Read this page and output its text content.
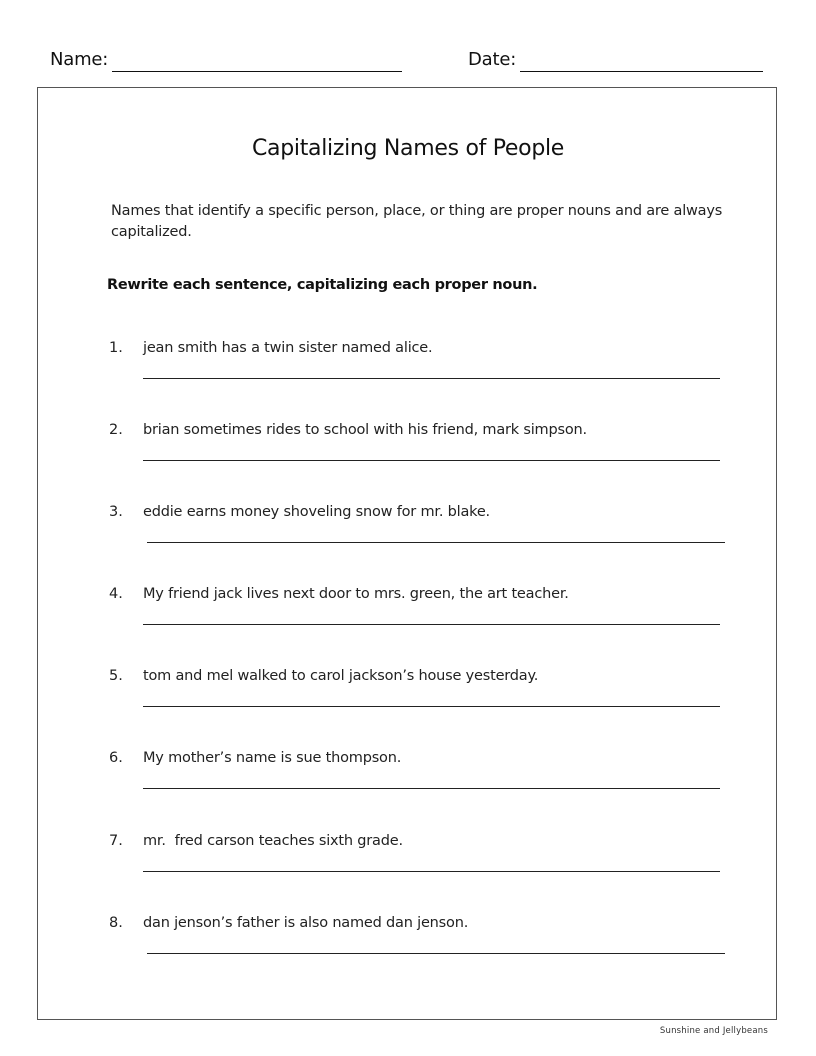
Name:	Date:
Capitalizing Names of People
Names that identify a specific person, place, or thing are proper nouns and are always capitalized.
Rewrite each sentence, capitalizing each proper noun.
1. jean smith has a twin sister named alice.
2. brian sometimes rides to school with his friend, mark simpson.
3. eddie earns money shoveling snow for mr. blake.
4. My friend jack lives next door to mrs. green, the art teacher.
5. tom and mel walked to carol jackson’s house yesterday.
6. My mother’s name is sue thompson.
7. mr.  fred carson teaches sixth grade.
8. dan jenson’s father is also named dan jenson.
Sunshine and Jellybeans
